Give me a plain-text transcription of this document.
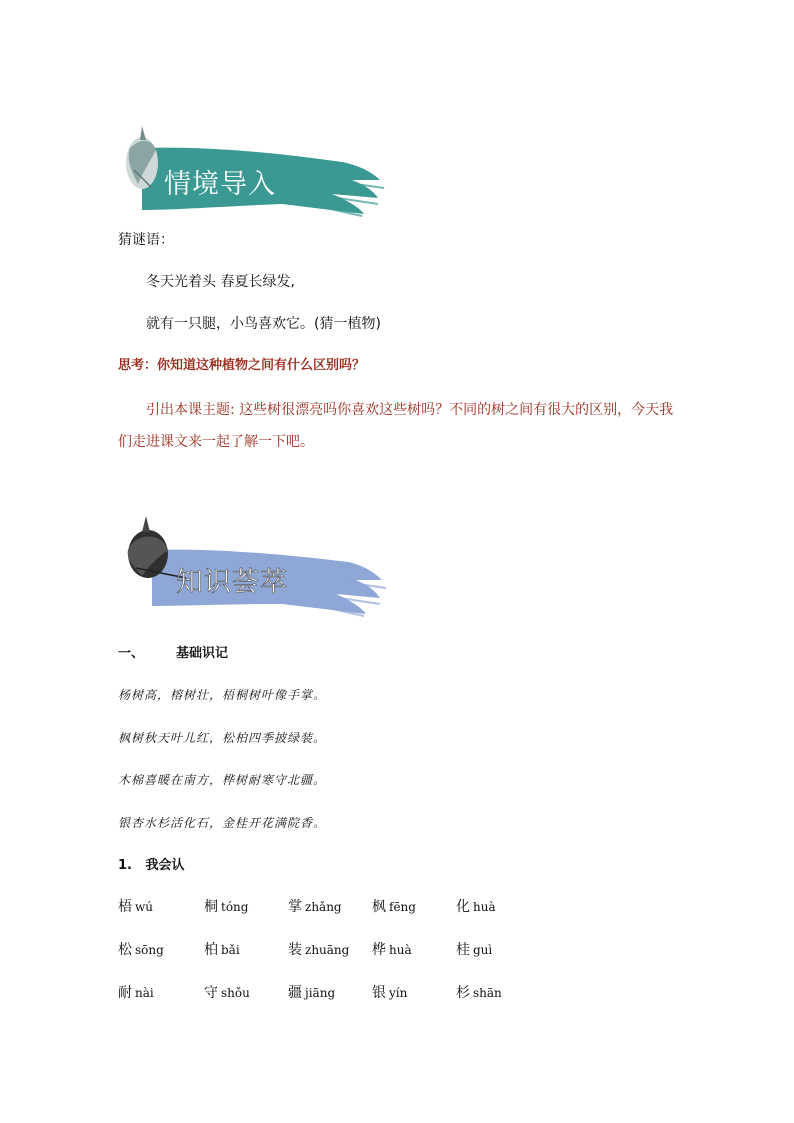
情境导入
猜谜语：
冬天光着头 春夏长绿发,
就有一只腿，小鸟喜欢它。(猜一植物)
思考：你知道这种植物之间有什么区别吗？
引出本课主题: 这些树很漂亮吗你喜欢这些树吗？不同的树之间有很大的区别，今天我
们走进课文来一起了解一下吧。
知识荟萃
一、 基础识记
杨树高，榕树壮，梧桐树叶像手掌。
枫树秋天叶儿红，松柏四季披绿装。
木棉喜暖在南方，桦树耐寒守北疆。
银杏水杉活化石，金桂开花满院香。
1.   我会认
梧 wú	桐 tóng	掌 zhǎng 枫 fēng	化 huà
松 sōng	柏 bǎi	装 zhuāng 桦 huà	桂 guì
耐 nài	守 shǒu	疆 jiāng	银 yín	杉 shān
